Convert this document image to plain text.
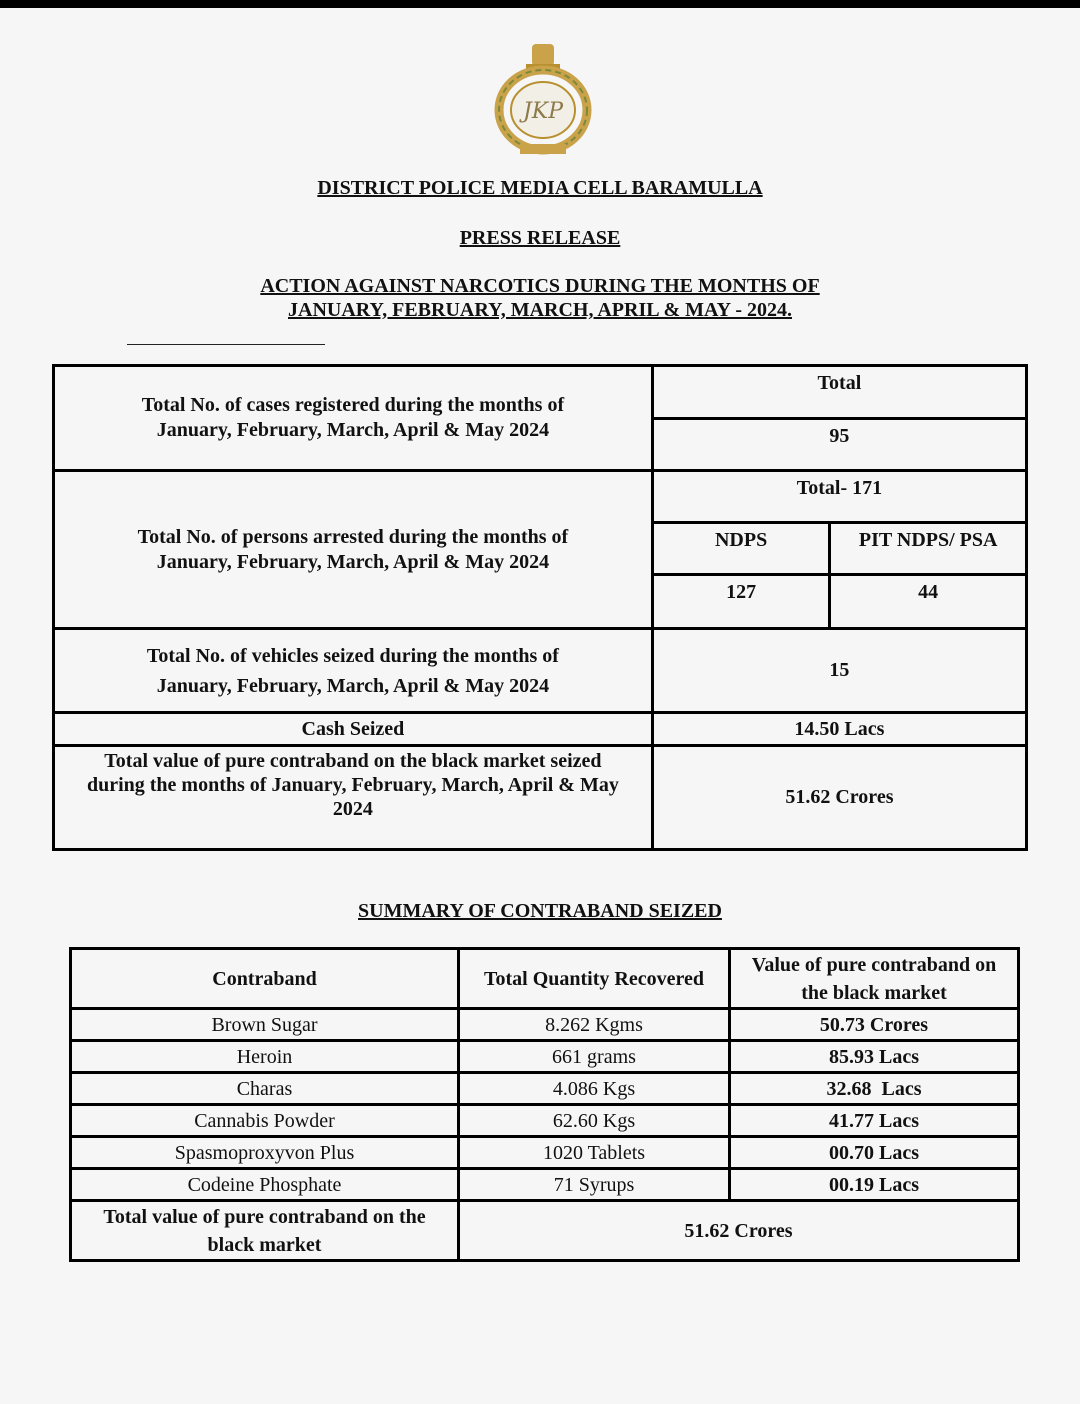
JKP
DISTRICT POLICE MEDIA CELL BARAMULLA
PRESS RELEASE
ACTION AGAINST NARCOTICS DURING THE MONTHS OF
JANUARY, FEBRUARY, MARCH, APRIL & MAY - 2024.
Total No. of cases registered during the months of
January, February, March, April & May 2024	Total	
	95	
Total No. of persons arrested during the months of
January, February, March, April & May 2024	Total- 171	
	NDPS	PIT NDPS/ PSA
	127	44
Total No. of vehicles seized during the months of
January, February, March, April & May 2024	15	
Cash Seized	14.50 Lacs	
Total value of pure contraband on the black market seized
during the months of January, February, March, April & May
2024	51.62 Crores	
SUMMARY OF CONTRABAND SEIZED
Contraband	Total Quantity Recovered	Value of pure contraband on the black market
Brown Sugar	8.262 Kgms	50.73 Crores
Heroin	661 grams	85.93 Lacs
Charas	4.086 Kgs	32.68  Lacs
Cannabis Powder	62.60 Kgs	41.77 Lacs
Spasmoproxyvon Plus	1020 Tablets	00.70 Lacs
Codeine Phosphate	71 Syrups	00.19 Lacs
Total value of pure contraband on the black market	51.62 Crores	
